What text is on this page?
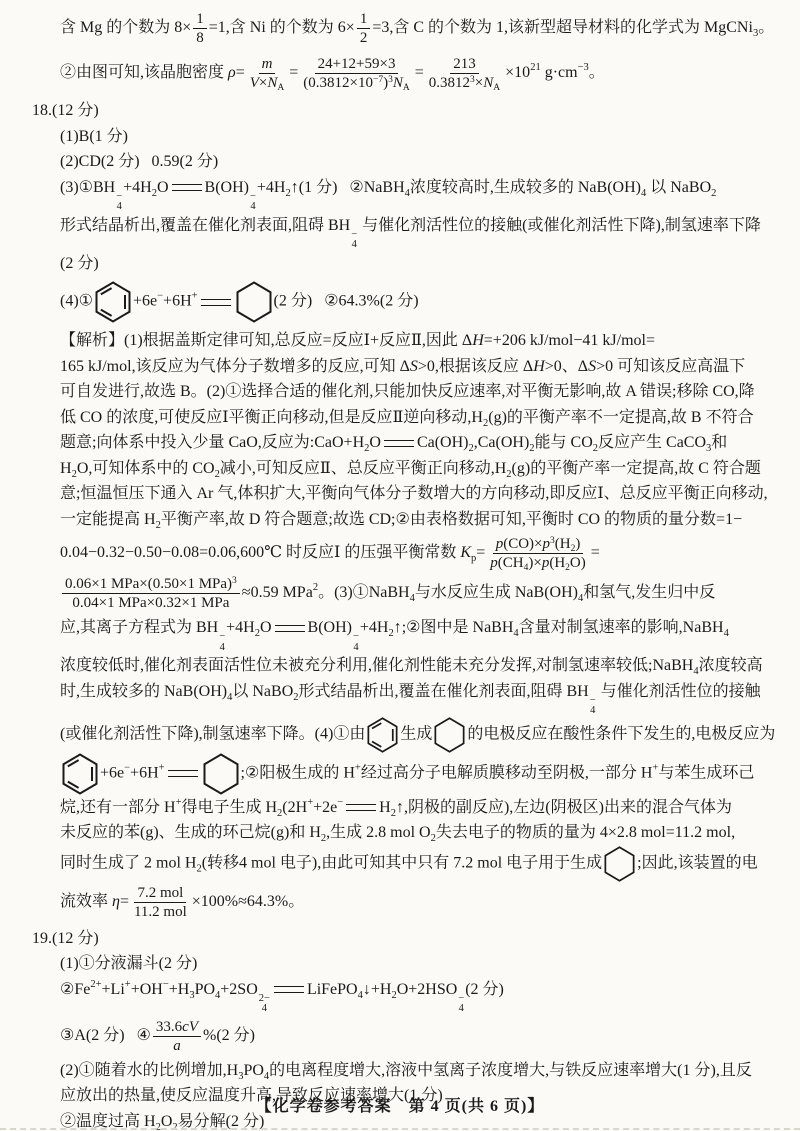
含 Mg 的个数为 $8\times \frac{1}{8} =1$,含 Ni 的个数为 $6\times \frac{1}{2} =3$,含 C 的个数为 1,该新型超导材料的化学式为 MgCNi$_3$。
②由图可知,该晶胞密度 $\rho= \frac{m}{V\times N_A} = \frac{24+12+59\times 3}{(0.3812\times 10^{-7})^3N_A} = \frac{213}{0.3812^3\times N_A} \times 10^{21}$ $g\cdot cm^{-3}$。
18.(12 分)
(1)B(1 分)
(2)CD(2 分)   0.59(2 分)
(3)①BH
−
4
$+4H_2O$ B(OH)
−
4
$+4H_2↑(1$ 分)   ②NaBH$_4$浓度较高时,生成较多的 $NaB(OH)_4$ 以 NaBO$_2$
形式结晶析出,覆盖在催化剂表面,阻碍 BH
−
4
与催化剂活性位的接触(或催化剂活性下降),制氢速率下降
(2 分)
(4)①	+6e−+6H+	(2 分)   ②64.3%(2 分)
【解析】(1)根据盖斯定律可知,总反应=反应Ⅰ+反应Ⅱ,因此 ΔH=+206 kJ/mol−41 kJ/mol=
165 kJ/mol,该反应为气体分子数增多的反应,可知 ΔS>0,根据该反应 ΔH>0、ΔS>0 可知该反应高温下
可自发进行,故选 B。(2)①选择合适的催化剂,只能加快反应速率,对平衡无影响,故 A 错误;移除 CO,降
低 CO 的浓度,可使反应Ⅰ平衡正向移动,但是反应Ⅱ逆向移动$,H_2(g)$的平衡产率不一定提高,故 B 不符合
题意;向体系中投入少量 CaO,反应为$:CaO+H_2O$ $Ca(OH)_2,Ca(OH)_2$能与 $CO_2$反应产生 CaCO$_3$和
$H_2O$,可知体系中的 $CO_2$减小,可知反应Ⅱ、总反应平衡正向移动$,H_2(g)$的平衡产率一定提高,故 C 符合题
意;恒温恒压下通入 Ar 气,体积扩大,平衡向气体分子数增大的方向移动,即反应Ⅰ、总反应平衡正向移动,
一定能提高 $H_2$平衡产率,故 D 符合题意;故选 CD;②由表格数据可知,平衡时 CO 的物质的量分数=1−
0.04−0.32−0.50−0.08=0.06,600℃ 时反应Ⅰ 的压强平衡常数 $K_p= \frac{p(CO)\times p^3(H_2)}{p(CH_4)\times p(H_2O)}$ =
$\frac{0.06\times 1 MPa\times(0.50\times 1 MPa)^3}{\text{0.04×1 MPa×0.32×1 MPa}} \approx 0.59$ MPa$^2$。(3)①NaBH$_4$与水反应生成 $NaB(OH)_4$和氢气,发生归中反
应,其离子方程式为 BH
−
4
$+4H_2O$ B(OH)
−
4
$+4H_2↑;②$图中是 NaBH$_4$含量对制氢速率的影响,NaBH$_4$
浓度较低时,催化剂表面活性位未被充分利用,催化剂性能未充分发挥,对制氢速率较低;NaBH$_4$浓度较高
时,生成较多的 $NaB(OH)_4$以 NaBO$_2$形式结晶析出,覆盖在催化剂表面,阻碍 BH
−
4
与催化剂活性位的接触
(或催化剂活性下降),制氢速率下降。(4)①由 生成 的电极反应在酸性条件下发生的,电极反应为
+6e−+6H+	;②阳极生成的 H+经过高分子电解质膜移动至阴极,一部分 H+与苯生成环己
烷,还有一部分 H+得电子生成 $H_2(2H^++2e^-$ $H_2↑$,阴极的副反应),左边(阴极区)出来的混合气体为
未反应的苯(g)、生成的环己烷(g)和 $H_2$,生成 2.8 mol $O_2$失去电子的物质的量为 4×2.8 mol=11.2 mol,
同时生成了 2 mol $H_2$(转移4 mol 电子),由此可知其中只有 7.2 mol 电子用于生成 ;因此,该装置的电
流效率 $\eta= \frac{\text{7.2 mol}}{\text{11.2 mol}} \times 100\%\approx 64.3\%$。
19.(12 分)
(1)①分液漏斗(2 分)
$②Fe^{2+}+Li^++OH^-+H_3PO_4+2SO$
2−
4
$LiFePO_4↓+H_2O+2HSO$
−
4
(2 分)
③A(2 分)   ④ $\frac{33.6cV}{a} \%(2$ 分)
(2)①随着水的比例增加$,H_3PO_4$的电离程度增大,溶液中氢离子浓度增大,与铁反应速率增大(1 分),且反
应放出的热量,使反应温度升高,导致反应速率增大(1 分)
②温度过高 $H_2O_2$易分解(2 分)
【化学卷参考答案　第 4 页(共 6 页)】
